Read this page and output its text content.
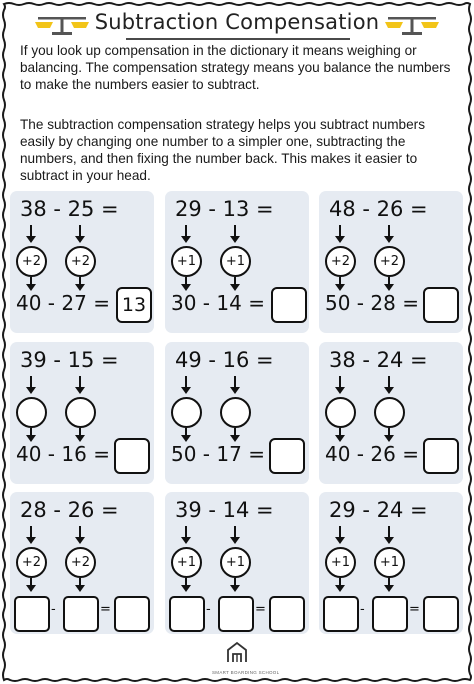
Subtraction Compensation

If you look up compensation in the dictionary it means weighing or balancing. The compensation strategy means you balance the numbers to make the numbers easier to subtract.

The subtraction compensation strategy helps you subtract numbers easily by changing one number to a simpler one, subtracting the numbers, and then fixing the number back. This makes it easier to subtract in your head.

38 - 25 =
+2	+2
40 - 27 = 13
29 - 13 =
+1	+1
30 - 14 =
48 - 26 =
+2	+2
50 - 28 =
39 - 15 =
40 - 16 =
49 - 16 =
50 - 17 =
38 - 24 =
40 - 26 =
28 - 26 =
+2	+2
-	=
39 - 14 =
+1	+1
-	=
29 - 24 =
+1	+1
-	=
SMART BOARDING SCHOOL
